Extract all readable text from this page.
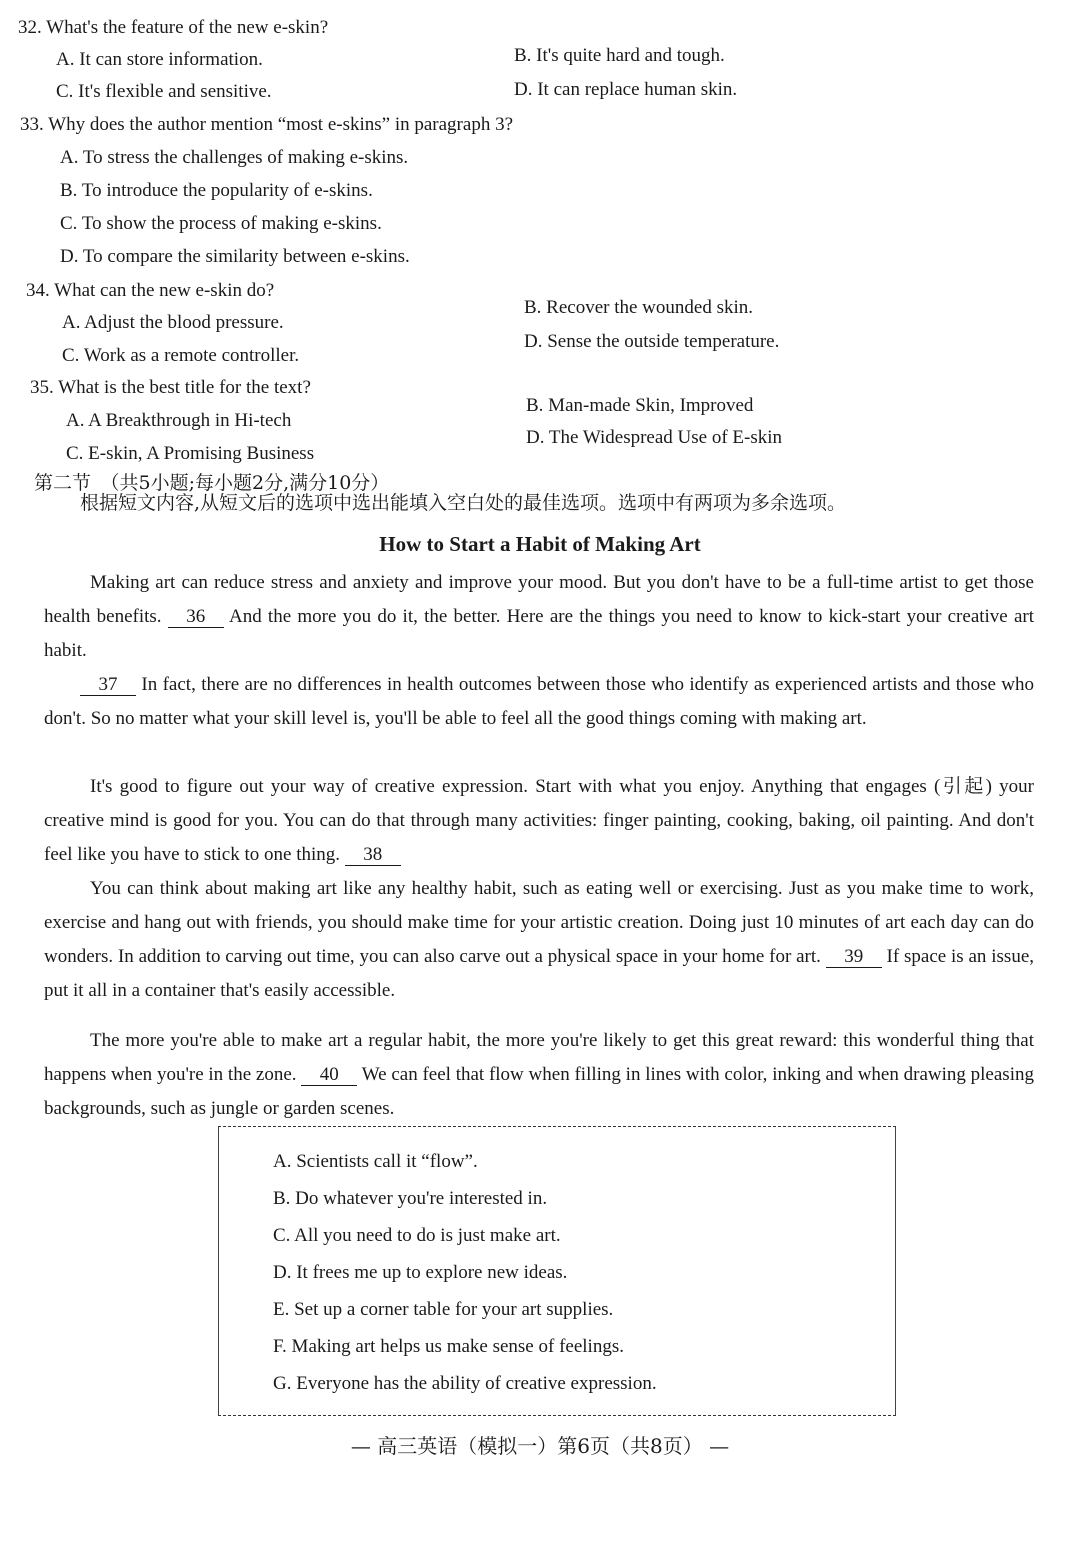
32. What's the feature of the new e-skin?
A. It can store information.	B. It's quite hard and tough.
C. It's flexible and sensitive.	D. It can replace human skin.
33. Why does the author mention “most e-skins” in paragraph 3?
A. To stress the challenges of making e-skins.
B. To introduce the popularity of e-skins.
C. To show the process of making e-skins.
D. To compare the similarity between e-skins.
34. What can the new e-skin do?
A. Adjust the blood pressure.
B. Recover the wounded skin.
C. Work as a remote controller.
D. Sense the outside temperature.
35. What is the best title for the text?
A. A Breakthrough in Hi-tech
B. Man-made Skin, Improved
C. E-skin, A Promising Business
D. The Widespread Use of E-skin
第二节　（共5小题;每小题2分,满分10分）
根据短文内容,从短文后的选项中选出能填入空白处的最佳选项。选项中有两项为多余选项。
How to Start a Habit of Making Art
Making art can reduce stress and anxiety and improve your mood. But you don't have to be a full-time artist to get those health benefits. 36 And the more you do it, the better. Here are the things you need to know to kick-start your creative art habit.
37 In fact, there are no differences in health outcomes between those who identify as experienced artists and those who don't. So no matter what your skill level is, you'll be able to feel all the good things coming with making art.
It's good to figure out your way of creative expression. Start with what you enjoy. Anything that engages (引起) your creative mind is good for you. You can do that through many activities: finger painting, cooking, baking, oil painting. And don't feel like you have to stick to one thing. 38
You can think about making art like any healthy habit, such as eating well or exercising. Just as you make time to work, exercise and hang out with friends, you should make time for your artistic creation. Doing just 10 minutes of art each day can do wonders. In addition to carving out time, you can also carve out a physical space in your home for art. 39 If space is an issue, put it all in a container that's easily accessible.
The more you're able to make art a regular habit, the more you're likely to get this great reward: this wonderful thing that happens when you're in the zone. 40 We can feel that flow when filling in lines with color, inking and when drawing pleasing backgrounds, such as jungle or garden scenes.
A. Scientists call it “flow”.
B. Do whatever you're interested in.
C. All you need to do is just make art.
D. It frees me up to explore new ideas.
E. Set up a corner table for your art supplies.
F. Making art helps us make sense of feelings.
G. Everyone has the ability of creative expression.
— 高三英语（模拟一）第6页（共8页） —
